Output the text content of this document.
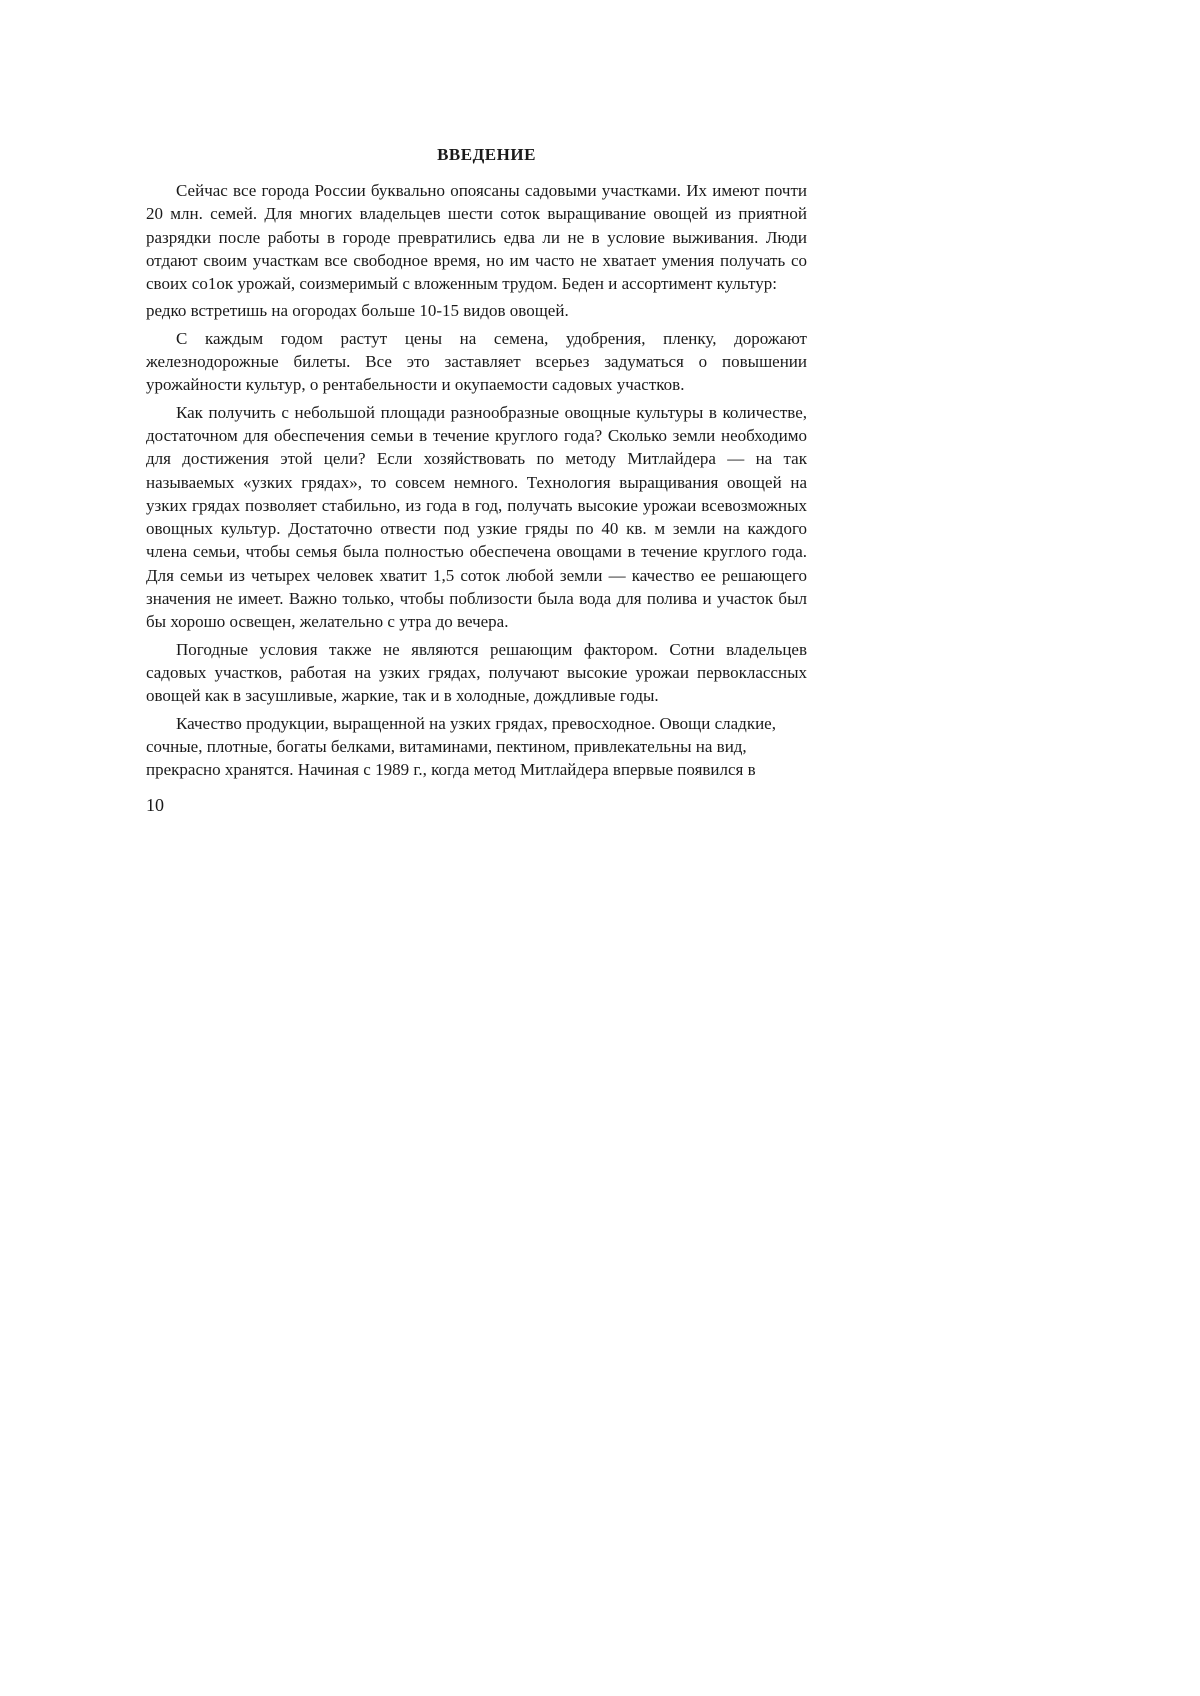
ВВЕДЕНИЕ

Сейчас все города России буквально опоясаны садовыми участками. Их имеют почти 20 млн. семей. Для многих владельцев шести соток выращивание овощей из приятной разрядки после работы в городе превратились едва ли не в условие выживания. Люди отдают своим участкам все свободное время, но им часто не хватает умения получать со своих со1ок урожай, соизмеримый с вложенным трудом. Беден и ассортимент культур:

редко встретишь на огородах больше 10-15 видов овощей.

С каждым годом растут цены на семена, удобрения, пленку, дорожают железнодорожные билеты. Все это заставляет всерьез задуматься о повышении урожайности культур, о рентабельности и окупаемости садовых участков.

Как получить с небольшой площади разнообразные овощные культуры в количестве, достаточном для обеспечения семьи в течение круглого года? Сколько земли необходимо для достижения этой цели? Если хозяйствовать по методу Митлайдера — на так называемых «узких грядах», то совсем немного. Технология выращивания овощей на узких грядах позволяет стабильно, из года в год, получать высокие урожаи всевозможных овощных культур. Достаточно отвести под узкие гряды по 40 кв. м земли на каждого члена семьи, чтобы семья была полностью обеспечена овощами в течение круглого года. Для семьи из четырех человек хватит 1,5 соток любой земли — качество ее решающего значения не имеет. Важно только, чтобы поблизости была вода для полива и участок был бы хорошо освещен, желательно с утра до вечера.

Погодные условия также не являются решающим фактором. Сотни владельцев садовых участков, работая на узких грядах, получают высокие урожаи первоклассных овощей как в засушливые, жаркие, так и в холодные, дождливые годы.

Качество продукции, выращенной на узких грядах, превосходное. Овощи сладкие, сочные, плотные, богаты белками, витаминами, пектином, привлекательны на вид, прекрасно хранятся. Начиная с 1989 г., когда метод Митлайдера впервые появился в

10
